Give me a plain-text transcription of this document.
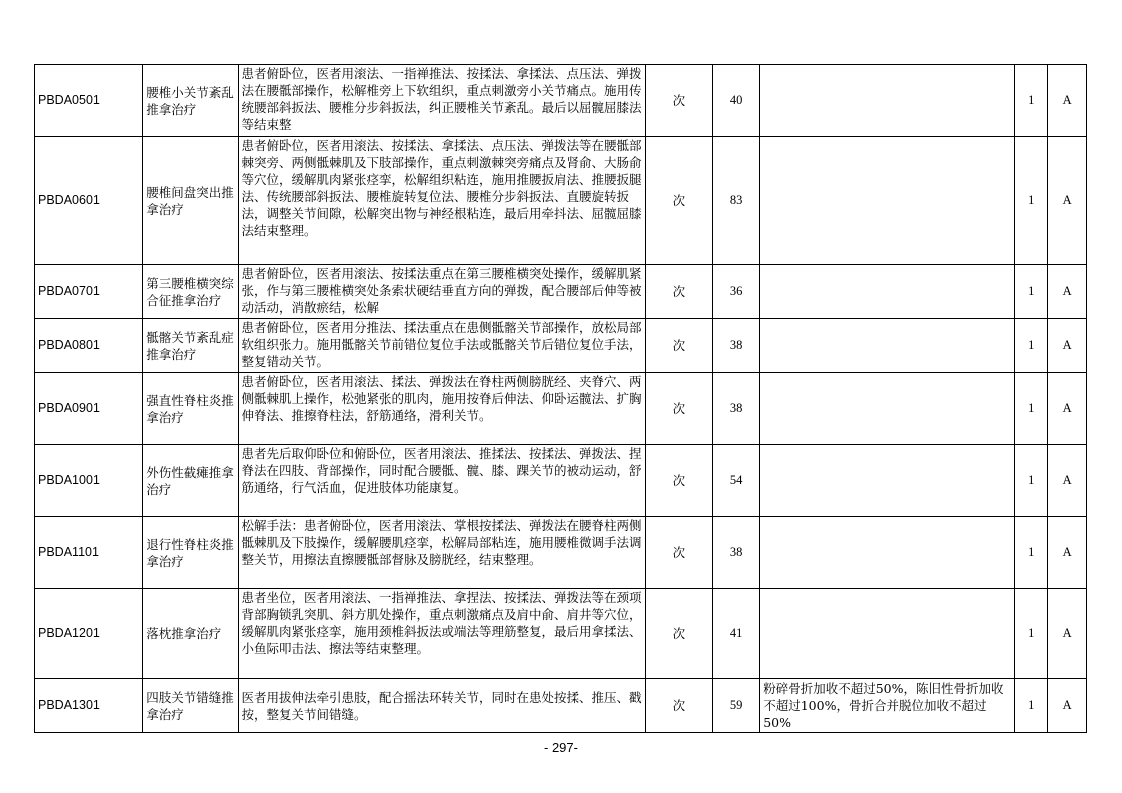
PBDA0501	腰椎小关节紊乱推拿治疗	患者俯卧位，医者用滚法、一指禅推法、按揉法、拿揉法、点压法、弹拨法在腰骶部操作，松解椎旁上下软组织，重点刺激旁小关节痛点。施用传统腰部斜扳法、腰椎分步斜扳法，纠正腰椎关节紊乱。最后以屈髋屈膝法等结束整	次	40		1	A
PBDA0601	腰椎间盘突出推拿治疗	患者俯卧位，医者用滚法、按揉法、拿揉法、点压法、弹拨法等在腰骶部棘突旁、两侧骶棘肌及下肢部操作，重点刺激棘突旁痛点及肾俞、大肠俞等穴位，缓解肌肉紧张痉挛，松解组织粘连，施用推腰扳肩法、推腰扳腿法、传统腰部斜扳法、腰椎旋转复位法、腰椎分步斜扳法、直腰旋转扳法，调整关节间隙，松解突出物与神经根粘连，最后用牵抖法、屈髋屈膝法结束整理。	次	83		1	A
PBDA0701	第三腰椎横突综合征推拿治疗	患者俯卧位，医者用滚法、按揉法重点在第三腰椎横突处操作，缓解肌紧张，作与第三腰椎横突处条索状硬结垂直方向的弹拨，配合腰部后伸等被动活动，消散瘀结，松解	次	36		1	A
PBDA0801	骶髂关节紊乱症推拿治疗	患者俯卧位，医者用分推法、揉法重点在患侧骶髂关节部操作，放松局部软组织张力。施用骶髂关节前错位复位手法或骶髂关节后错位复位手法，整复错动关节。	次	38		1	A
PBDA0901	强直性脊柱炎推拿治疗	患者俯卧位，医者用滚法、揉法、弹拨法在脊柱两侧膀胱经、夹脊穴、两侧骶棘肌上操作，松弛紧张的肌肉，施用按脊后伸法、仰卧运髋法、扩胸伸脊法、推擦脊柱法，舒筋通络，滑利关节。	次	38		1	A
PBDA1001	外伤性截瘫推拿治疗	患者先后取仰卧位和俯卧位，医者用滚法、推揉法、按揉法、弹拨法、捏脊法在四肢、背部操作，同时配合腰骶、髋、膝、踝关节的被动运动，舒筋通络，行气活血，促进肢体功能康复。	次	54		1	A
PBDA1101	退行性脊柱炎推拿治疗	松解手法：患者俯卧位，医者用滚法、掌根按揉法、弹拨法在腰脊柱两侧骶棘肌及下肢操作，缓解腰肌痉挛，松解局部粘连，施用腰椎微调手法调整关节，用擦法直擦腰骶部督脉及膀胱经，结束整理。	次	38		1	A
PBDA1201	落枕推拿治疗	患者坐位，医者用滚法、一指禅推法、拿捏法、按揉法、弹拨法等在颈项背部胸锁乳突肌、斜方肌处操作，重点刺激痛点及肩中俞、肩井等穴位，缓解肌肉紧张痉挛，施用颈椎斜扳法或端法等理筋整复，最后用拿揉法、小鱼际叩击法、擦法等结束整理。	次	41		1	A
PBDA1301	四肢关节错缝推拿治疗	医者用拔伸法牵引患肢，配合摇法环转关节，同时在患处按揉、推压、戳按，整复关节间错缝。	次	59	粉碎骨折加收不超过50%，陈旧性骨折加收不超过100%，骨折合并脱位加收不超过50%	1	A
- 297-
